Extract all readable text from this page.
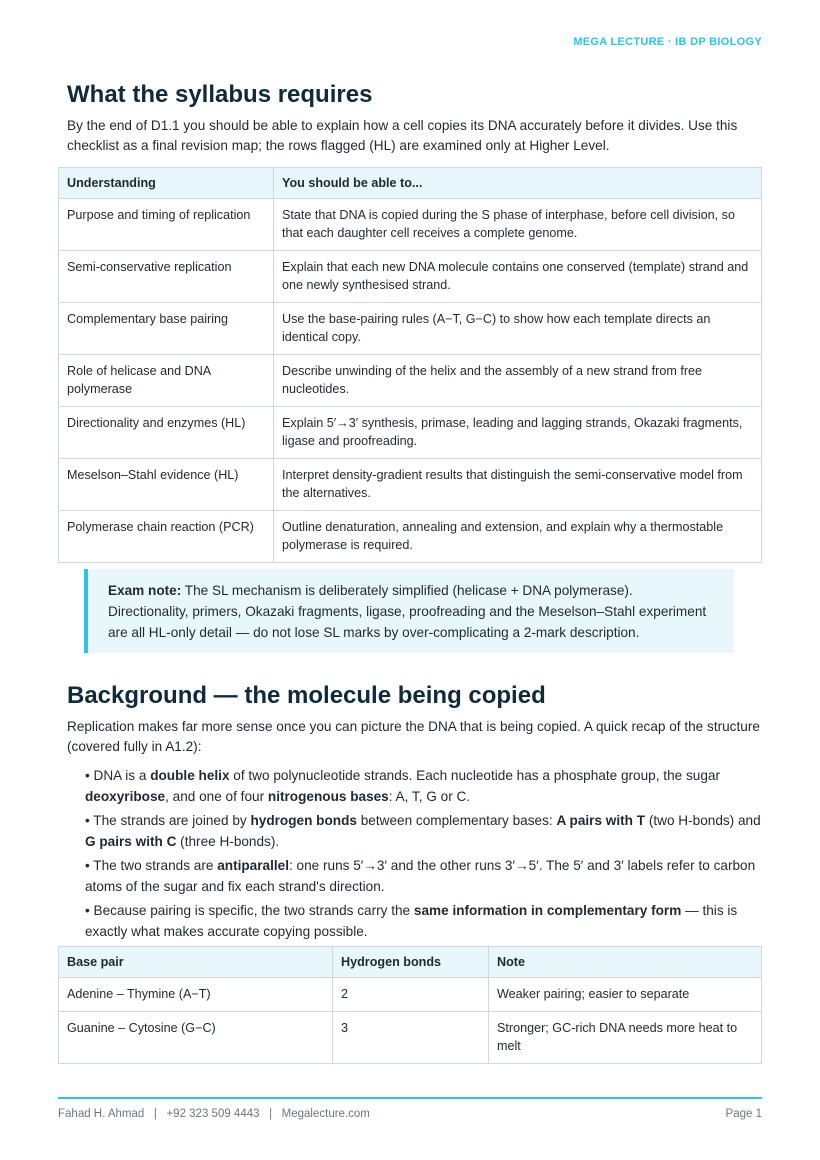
MEGA LECTURE · IB DP BIOLOGY
What the syllabus requires

By the end of D1.1 you should be able to explain how a cell copies its DNA accurately before it divides. Use this checklist as a final revision map; the rows flagged (HL) are examined only at Higher Level.

Understanding	You should be able to...
Purpose and timing of replication	State that DNA is copied during the S phase of interphase, before cell division, so that each daughter cell receives a complete genome.
Semi-conservative replication	Explain that each new DNA molecule contains one conserved (template) strand and one newly synthesised strand.
Complementary base pairing	Use the base-pairing rules (A−T, G−C) to show how each template directs an identical copy.
Role of helicase and DNA polymerase	Describe unwinding of the helix and the assembly of a new strand from free nucleotides.
Directionality and enzymes (HL)	Explain 5′→3′ synthesis, primase, leading and lagging strands, Okazaki fragments, ligase and proofreading.
Meselson–Stahl evidence (HL)	Interpret density-gradient results that distinguish the semi-conservative model from the alternatives.
Polymerase chain reaction (PCR)	Outline denaturation, annealing and extension, and explain why a thermostable polymerase is required.
Exam note: The SL mechanism is deliberately simplified (helicase + DNA polymerase). Directionality, primers, Okazaki fragments, ligase, proofreading and the Meselson–Stahl experiment are all HL-only detail — do not lose SL marks by over-complicating a 2-mark description.
Background — the molecule being copied

Replication makes far more sense once you can picture the DNA that is being copied. A quick recap of the structure (covered fully in A1.2):

• DNA is a double helix of two polynucleotide strands. Each nucleotide has a phosphate group, the sugar deoxyribose, and one of four nitrogenous bases: A, T, G or C.
• The strands are joined by hydrogen bonds between complementary bases: A pairs with T (two H-bonds) and G pairs with C (three H-bonds).
• The two strands are antiparallel: one runs 5′→3′ and the other runs 3′→5′. The 5′ and 3′ labels refer to carbon atoms of the sugar and fix each strand's direction.
• Because pairing is specific, the two strands carry the same information in complementary form — this is exactly what makes accurate copying possible.
Base pair	Hydrogen bonds	Note
Adenine – Thymine (A−T)	2	Weaker pairing; easier to separate
Guanine – Cytosine (G−C)	3	Stronger; GC-rich DNA needs more heat to melt
Fahad H. Ahmad   |   +92 323 509 4443   |   Megalecture.com	Page 1
